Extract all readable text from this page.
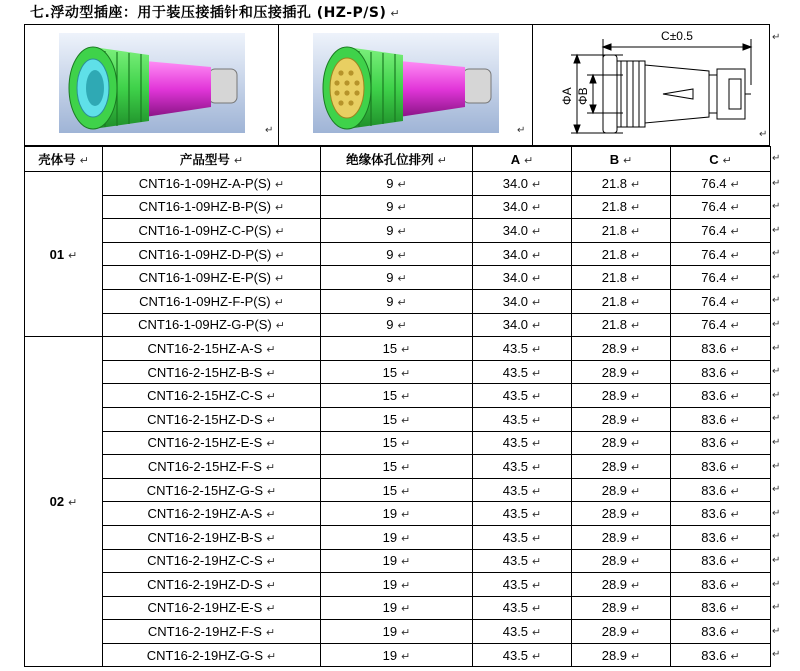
七.浮动型插座：用于装压接插针和压接插孔 (HZ-P/S) ↵
↵	↵
C±0.5
ΦA ΦB
↵
↵
壳体号 ↵	产品型号 ↵	绝缘体孔位排列 ↵	A ↵	B ↵	C ↵
01 ↵	CNT16-1-09HZ-A-P(S) ↵	9 ↵	34.0 ↵	21.8 ↵	76.4 ↵
	CNT16-1-09HZ-B-P(S) ↵	9 ↵	34.0 ↵	21.8 ↵	76.4 ↵
	CNT16-1-09HZ-C-P(S) ↵	9 ↵	34.0 ↵	21.8 ↵	76.4 ↵
	CNT16-1-09HZ-D-P(S) ↵	9 ↵	34.0 ↵	21.8 ↵	76.4 ↵
	CNT16-1-09HZ-E-P(S) ↵	9 ↵	34.0 ↵	21.8 ↵	76.4 ↵
	CNT16-1-09HZ-F-P(S) ↵	9 ↵	34.0 ↵	21.8 ↵	76.4 ↵
	CNT16-1-09HZ-G-P(S) ↵	9 ↵	34.0 ↵	21.8 ↵	76.4 ↵
02 ↵	CNT16-2-15HZ-A-S ↵	15 ↵	43.5 ↵	28.9 ↵	83.6 ↵
	CNT16-2-15HZ-B-S ↵	15 ↵	43.5 ↵	28.9 ↵	83.6 ↵
	CNT16-2-15HZ-C-S ↵	15 ↵	43.5 ↵	28.9 ↵	83.6 ↵
	CNT16-2-15HZ-D-S ↵	15 ↵	43.5 ↵	28.9 ↵	83.6 ↵
	CNT16-2-15HZ-E-S ↵	15 ↵	43.5 ↵	28.9 ↵	83.6 ↵
	CNT16-2-15HZ-F-S ↵	15 ↵	43.5 ↵	28.9 ↵	83.6 ↵
	CNT16-2-15HZ-G-S ↵	15 ↵	43.5 ↵	28.9 ↵	83.6 ↵
	CNT16-2-19HZ-A-S ↵	19 ↵	43.5 ↵	28.9 ↵	83.6 ↵
	CNT16-2-19HZ-B-S ↵	19 ↵	43.5 ↵	28.9 ↵	83.6 ↵
	CNT16-2-19HZ-C-S ↵	19 ↵	43.5 ↵	28.9 ↵	83.6 ↵
	CNT16-2-19HZ-D-S ↵	19 ↵	43.5 ↵	28.9 ↵	83.6 ↵
	CNT16-2-19HZ-E-S ↵	19 ↵	43.5 ↵	28.9 ↵	83.6 ↵
	CNT16-2-19HZ-F-S ↵	19 ↵	43.5 ↵	28.9 ↵	83.6 ↵
	CNT16-2-19HZ-G-S ↵	19 ↵	43.5 ↵	28.9 ↵	83.6 ↵
↵
↵
↵
↵
↵
↵
↵
↵
↵
↵
↵
↵
↵
↵
↵
↵
↵
↵
↵
↵
↵
↵
